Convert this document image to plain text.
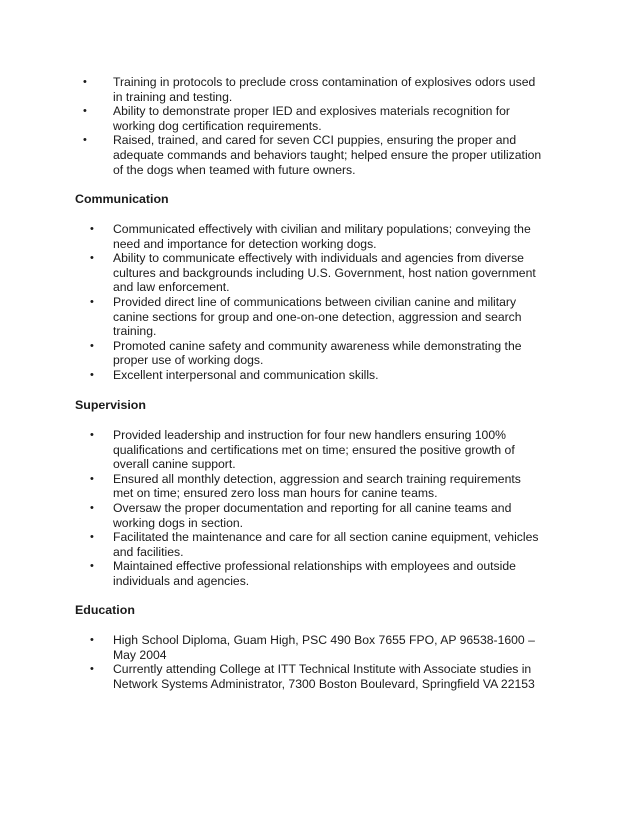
• Training in protocols to preclude cross contamination of explosives odors used in training and testing.
• Ability to demonstrate proper IED and explosives materials recognition for working dog certification requirements.
• Raised, trained, and cared for seven CCI puppies, ensuring the proper and adequate commands and behaviors taught; helped ensure the proper utilization of the dogs when teamed with future owners.
Communication
• Communicated effectively with civilian and military populations; conveying the need and importance for detection working dogs.
• Ability to communicate effectively with individuals and agencies from diverse cultures and backgrounds including U.S. Government, host nation government and law enforcement.
• Provided direct line of communications between civilian canine and military canine sections for group and one-on-one detection, aggression and search training.
• Promoted canine safety and community awareness while demonstrating the proper use of working dogs.
• Excellent interpersonal and communication skills.
Supervision
• Provided leadership and instruction for four new handlers ensuring 100% qualifications and certifications met on time; ensured the positive growth of overall canine support.
• Ensured all monthly detection, aggression and search training requirements met on time; ensured zero loss man hours for canine teams.
• Oversaw the proper documentation and reporting for all canine teams and working dogs in section.
• Facilitated the maintenance and care for all section canine equipment, vehicles and facilities.
• Maintained effective professional relationships with employees and outside individuals and agencies.
Education
• High School Diploma, Guam High, PSC 490 Box 7655 FPO, AP 96538-1600 – May 2004
• Currently attending College at ITT Technical Institute with Associate studies in Network Systems Administrator, 7300 Boston Boulevard, Springfield VA 22153
